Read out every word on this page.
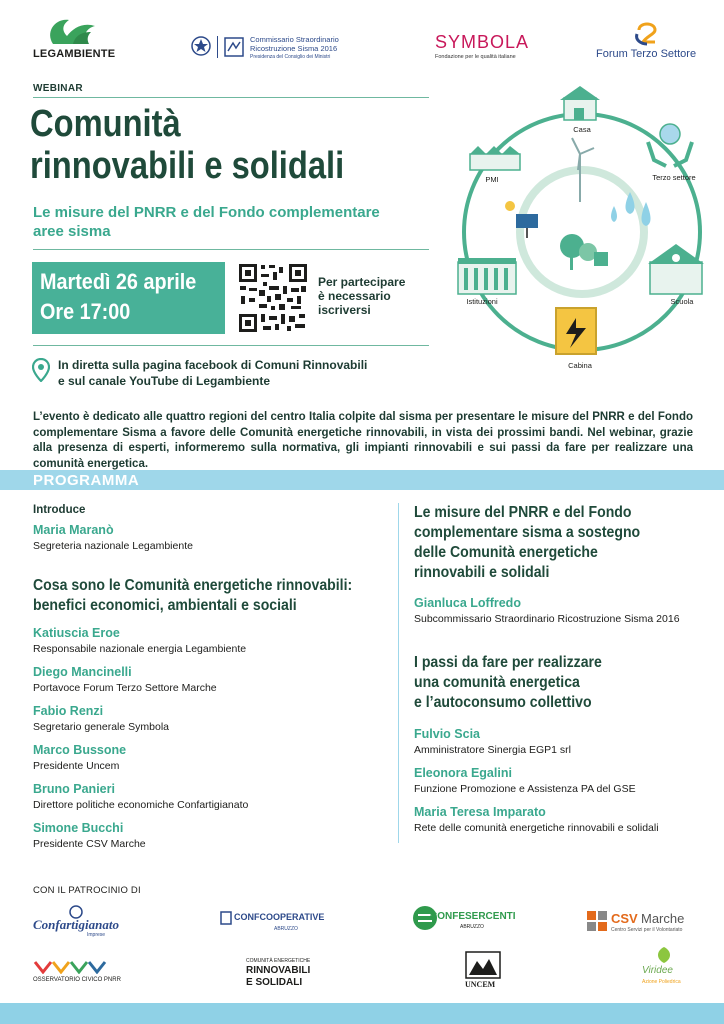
LEGAMBIENTE
Commissario Straordinario
Ricostruzione Sisma 2016
Presidenza del Consiglio dei Ministri
SYMBOLA
Fondazione per le qualità italiane	Forum Terzo Settore
WEBINAR
Comunità
rinnovabili e solidali
Le misure del PNRR e del Fondo complementare
aree sisma
Martedì 26 aprile
Ore 17:00
Per partecipare
è necessario
iscriversi
In diretta sulla pagina facebook di Comuni Rinnovabili
e sul canale YouTube di Legambiente
Casa
Terzo settore
PMI
Istituzioni	Scuola
Cabina
L’evento è dedicato alle quattro regioni del centro Italia colpite dal sisma per presentare le misure del PNRR e del Fondo complementare Sisma a favore delle Comunità energetiche rinnovabili, in vista dei prossimi bandi. Nel webinar, grazie alla presenza di esperti, informeremo sulla normativa, gli impianti rinnovabili e sui passi da fare per realizzare una comunità energetica.
PROGRAMMA
Introduce
Maria Maranò
Segreteria nazionale Legambiente
Cosa sono le Comunità energetiche rinnovabili:
benefici economici, ambientali e sociali
Katiuscia Eroe
Responsabile nazionale energia Legambiente
Diego Mancinelli
Portavoce Forum Terzo Settore Marche
Fabio Renzi
Segretario generale Symbola
Marco Bussone
Presidente Uncem
Bruno Panieri
Direttore politiche economiche Confartigianato
Simone Bucchi
Presidente CSV Marche
Le misure del PNRR e del Fondo
complementare sisma a sostegno
delle Comunità energetiche
rinnovabili e solidali
Gianluca Loffredo
Subcommissario Straordinario Ricostruzione Sisma 2016
I passi da fare per realizzare
una comunità energetica
e l’autoconsumo collettivo
Fulvio Scia
Amministratore Sinergia EGP1 srl
Eleonora Egalini
Funzione Promozione e Assistenza PA del GSE
Maria Teresa Imparato
Rete delle comunità energetiche rinnovabili e solidali
CON IL PATROCINIO DI
Confartigianato
Imprese
CONFCOOPERATIVE
ABRUZZO
CONFESERCENTI
ABRUZZO
CSV Marche
Centro Servizi per il Volontariato
OSSERVATORIO CIVICO PNRR
COMUNITÀ ENERGETICHE
RINNOVABILI
E SOLIDALI	UNCEM
Viridee
Azione Poliedrica
